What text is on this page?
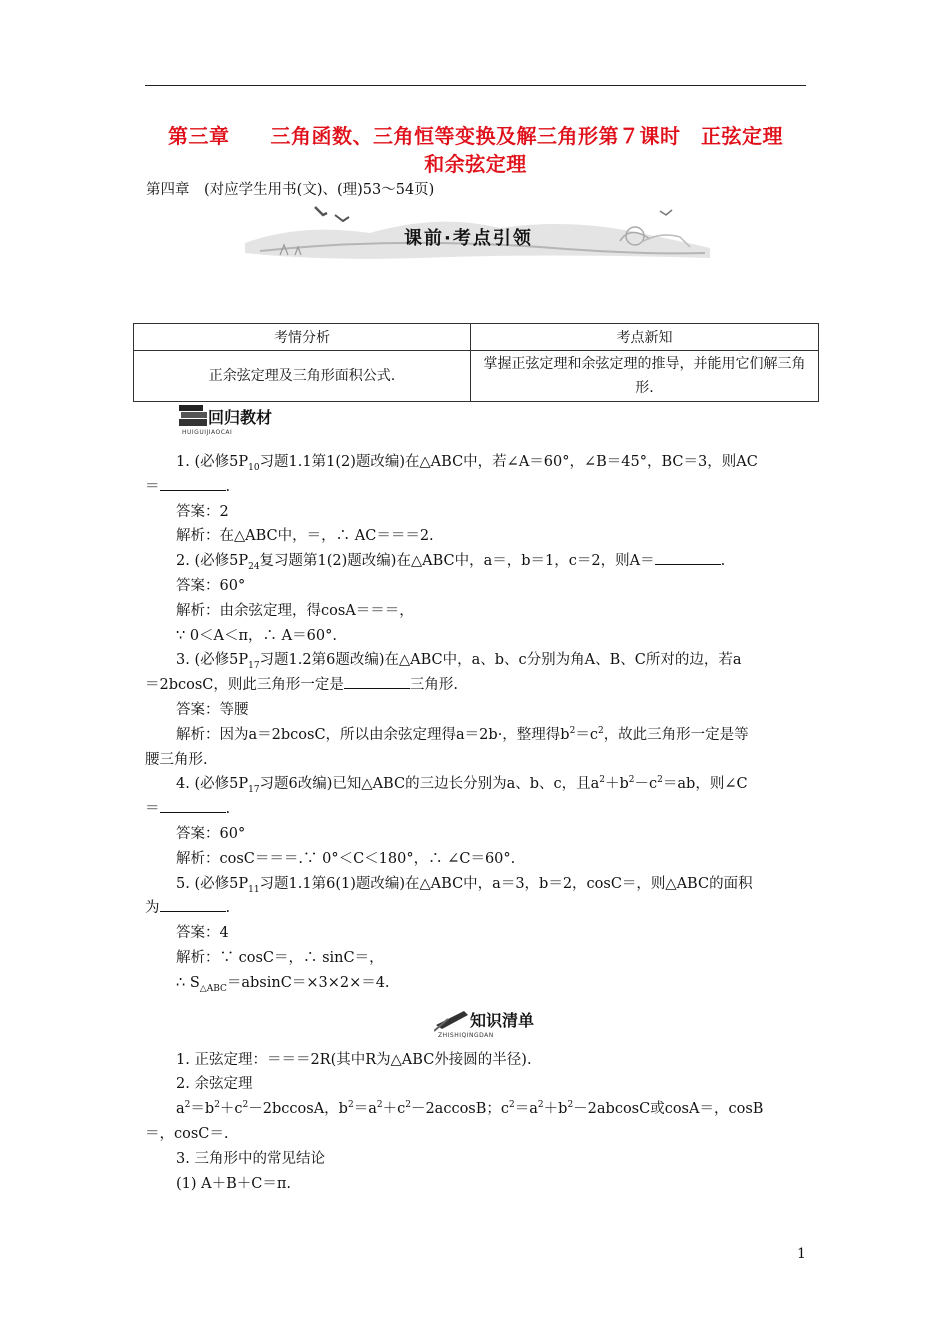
第三章　　三角函数、三角恒等变换及解三角形第７课时　正弦定理
和余弦定理
第四章　(对应学生用书(文)、(理)53～54页)
课前·考点引领
考情分析	考点新知
正余弦定理及三角形面积公式.	掌握正弦定理和余弦定理的推导，并能用它们解三角形.
回归教材
HUIGUIJIAOCAI

1. (必修$5P_{10}$习题1.1第1(2)题改编)在△ABC中，若∠A＝60°，∠B＝45°，BC＝3，则AC

＝	.

答案：2

解析：在△ABC中，＝，∴ AC＝＝＝2.

2. (必修$5P_{24}$复习题第1(2)题改编)在△ABC中，a＝，b＝1，c＝2，则A＝	.

答案：60°

解析：由余弦定理，得cosA＝＝＝，

∵ 0＜A＜π，∴ A＝60°.

3. (必修$5P_{17}$习题1.2第6题改编)在△ABC中，a、b、c分别为角A、B、C所对的边，若a

＝2bcosC，则此三角形一定是	三角形.

答案：等腰

解析：因为a＝2bcosC，所以由余弦定理得a＝2b·，整理得$b^2=c^2$，故此三角形一定是等

腰三角形.

4. (必修$5P_{17}$习题6改编)已知△ABC的三边长分别为a、b、c，且$a^2+b^2-c^2=ab$，则∠C

＝	.

答案：60°

解析：cosC＝＝＝.∵ 0°＜C＜180°，∴ ∠C＝60°.

5. (必修$5P_{11}$习题1.1第6(1)题改编)在△ABC中，a＝3，b＝2，cosC＝，则△ABC的面积

为	.

答案：4

解析：∵ cosC＝，∴ sinC＝，

∴ $S_{\triangle ABC}=absinC=\times 3\times 2\times=4$.

1. 正弦定理：＝＝＝2R(其中R为△ABC外接圆的半径).

2. 余弦定理

$a^2=b^2+c^2-2bccosA$，$b^2=a^2+c^2-2accosB$；$c^2=a^2+b^2-2abcosC$或cosA＝，cosB

＝，cosC＝.

3. 三角形中的常见结论

(1) A＋B＋C＝π.

知识清单
ZHISHIQINGDAN
1
